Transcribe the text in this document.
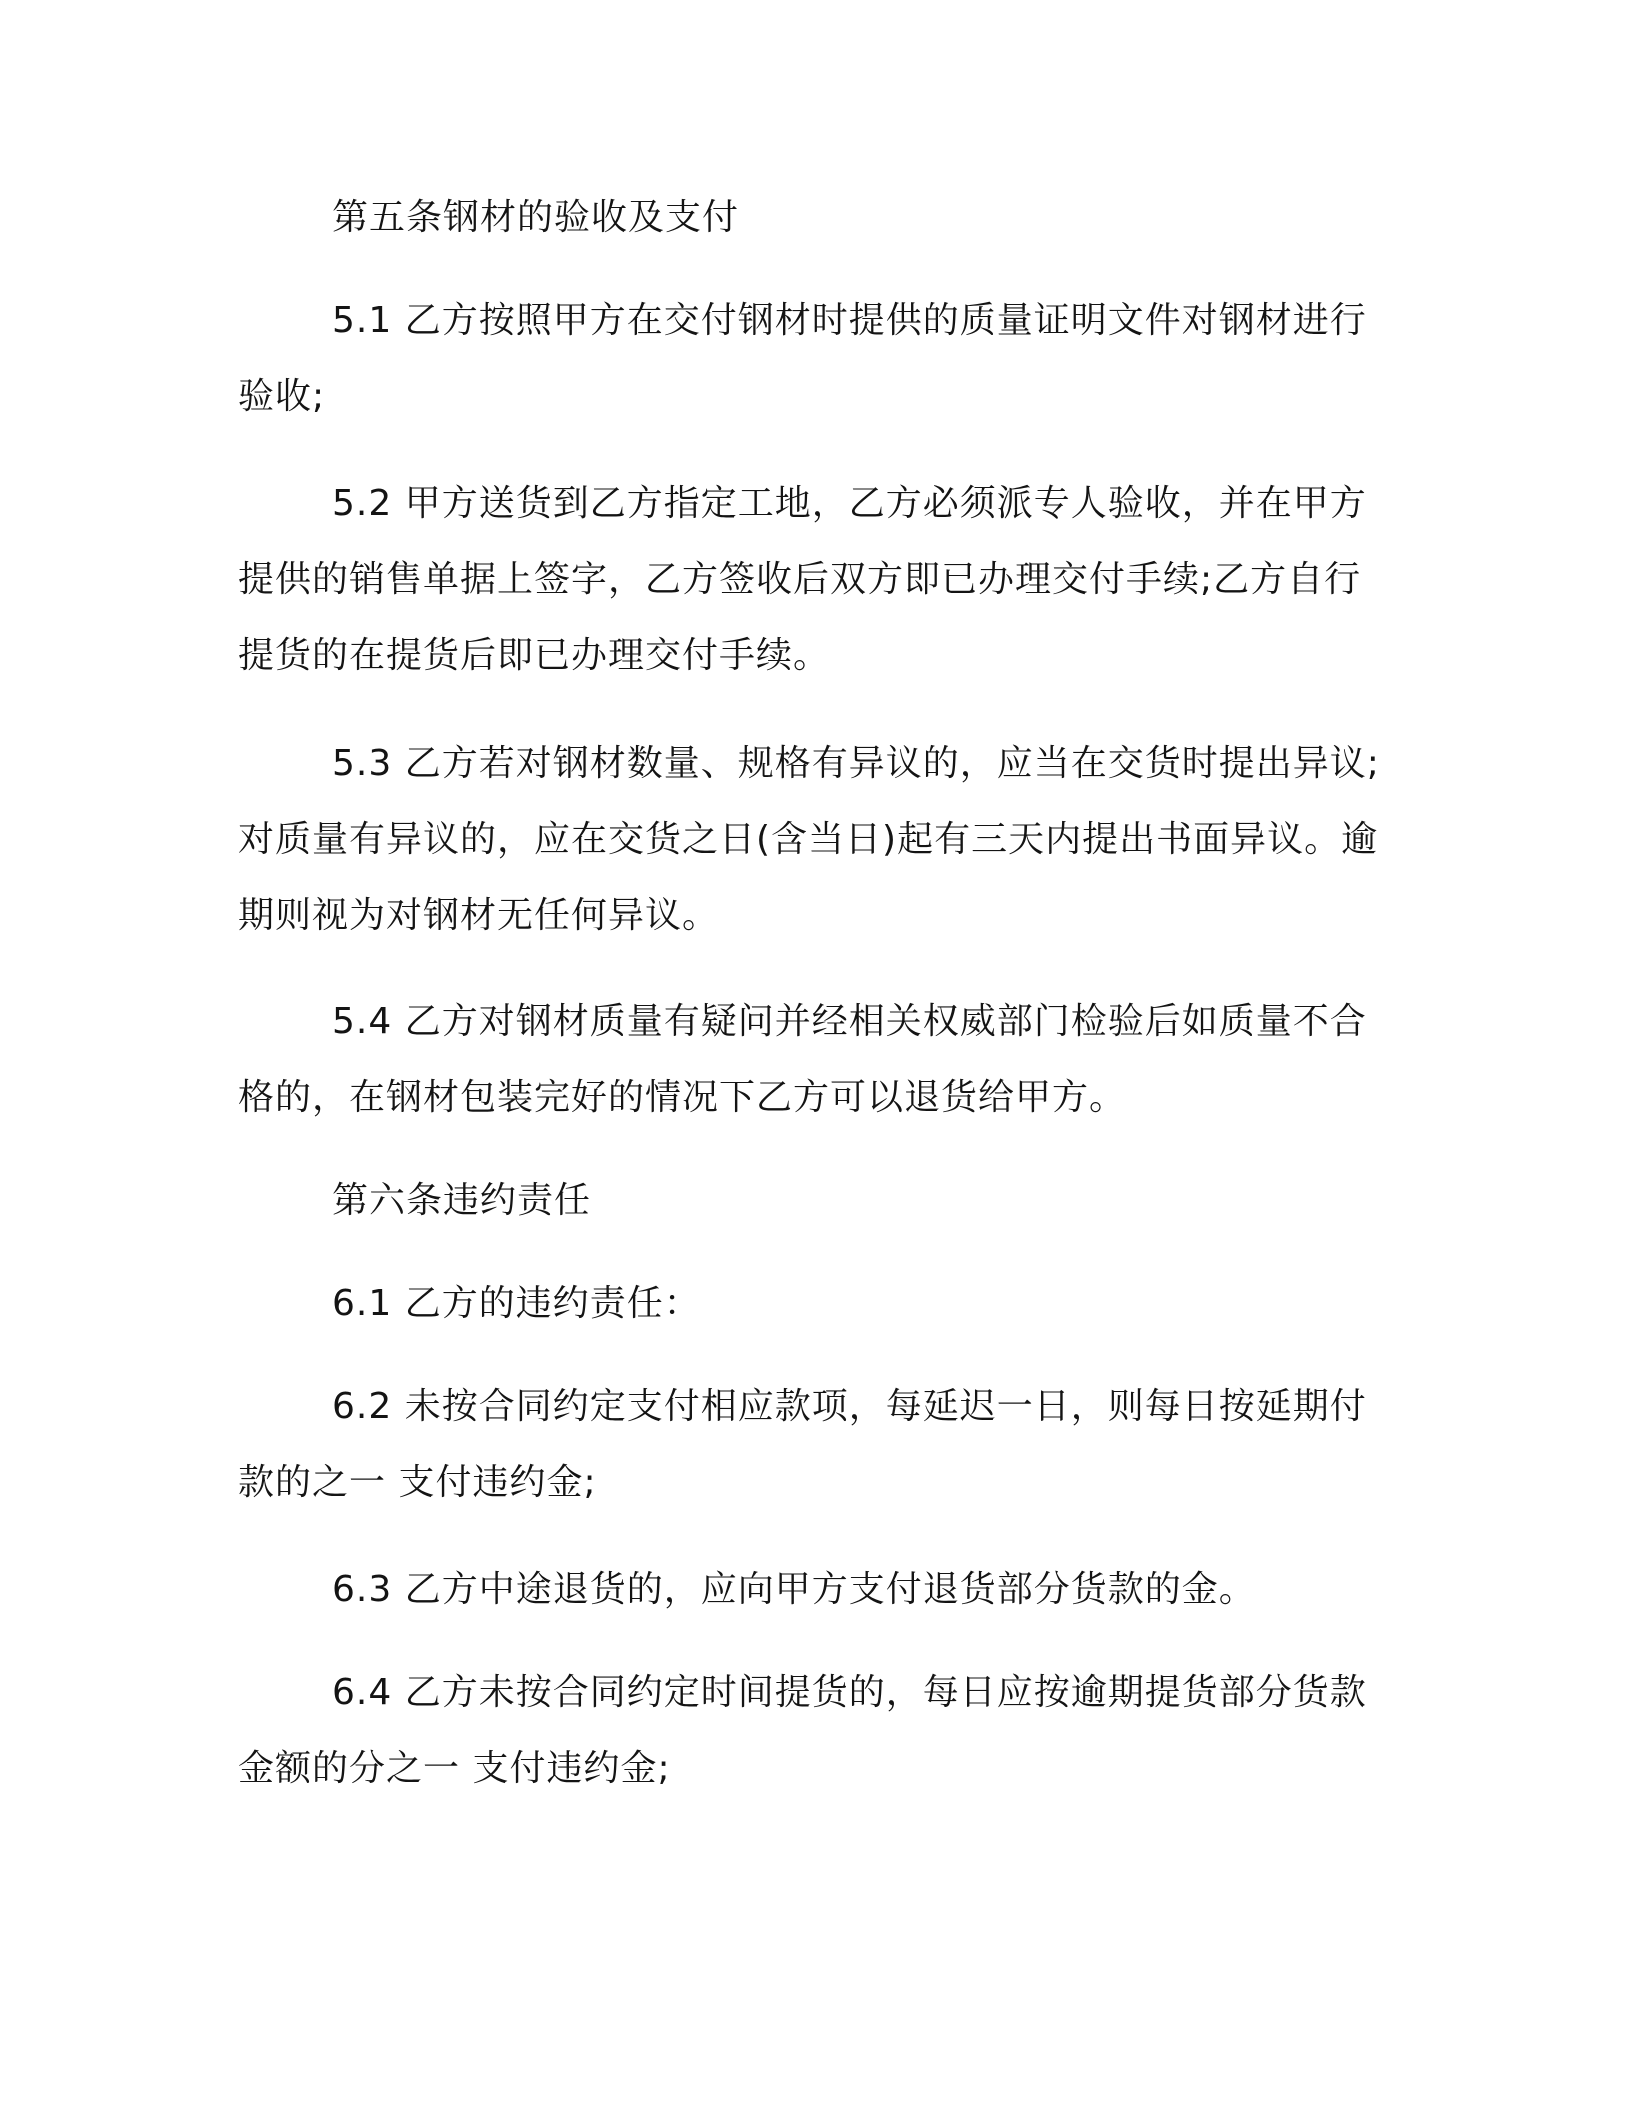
第五条钢材的验收及支付

5.1 乙方按照甲方在交付钢材时提供的质量证明文件对钢材进行验收;

5.2 甲方送货到乙方指定工地，乙方必须派专人验收，并在甲方提供的销售单据上签字，乙方签收后双方即已办理交付手续;乙方自行提货的在提货后即已办理交付手续。

5.3 乙方若对钢材数量、规格有异议的，应当在交货时提出异议;对质量有异议的，应在交货之日(含当日)起有三天内提出书面异议。逾期则视为对钢材无任何异议。

5.4 乙方对钢材质量有疑问并经相关权威部门检验后如质量不合格的，在钢材包装完好的情况下乙方可以退货给甲方。

第六条违约责任

6.1 乙方的违约责任：

6.2 未按合同约定支付相应款项，每延迟一日，则每日按延期付款的之一 支付违约金;

6.3 乙方中途退货的，应向甲方支付退货部分货款的金。

6.4 乙方未按合同约定时间提货的，每日应按逾期提货部分货款金额的分之一 支付违约金;
